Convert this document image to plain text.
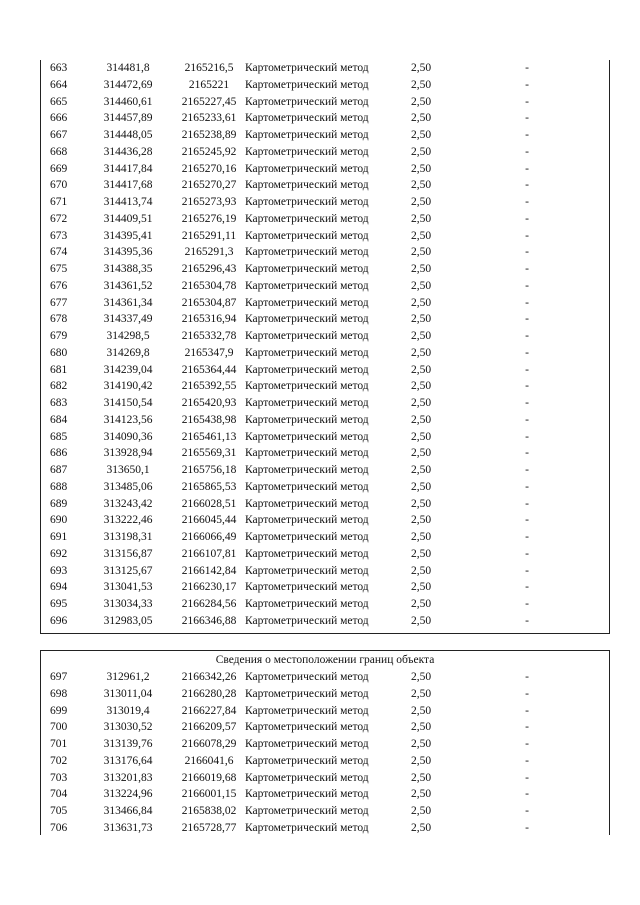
663	314481,8	2165216,5	Картометрический метод	2,50	-
664	314472,69	2165221	Картометрический метод	2,50	-
665	314460,61	2165227,45 Картометрический метод	2,50	-
666	314457,89	2165233,61 Картометрический метод	2,50	-
667	314448,05	2165238,89 Картометрический метод	2,50	-
668	314436,28	2165245,92 Картометрический метод	2,50	-
669	314417,84	2165270,16 Картометрический метод	2,50	-
670	314417,68	2165270,27 Картометрический метод	2,50	-
671	314413,74	2165273,93 Картометрический метод	2,50	-
672	314409,51	2165276,19 Картометрический метод	2,50	-
673	314395,41	2165291,11 Картометрический метод	2,50	-
674	314395,36	2165291,3	Картометрический метод	2,50	-
675	314388,35	2165296,43 Картометрический метод	2,50	-
676	314361,52	2165304,78 Картометрический метод	2,50	-
677	314361,34	2165304,87 Картометрический метод	2,50	-
678	314337,49	2165316,94 Картометрический метод	2,50	-
679	314298,5	2165332,78 Картометрический метод	2,50	-
680	314269,8	2165347,9	Картометрический метод	2,50	-
681	314239,04	2165364,44 Картометрический метод	2,50	-
682	314190,42	2165392,55 Картометрический метод	2,50	-
683	314150,54	2165420,93 Картометрический метод	2,50	-
684	314123,56	2165438,98 Картометрический метод	2,50	-
685	314090,36	2165461,13 Картометрический метод	2,50	-
686	313928,94	2165569,31 Картометрический метод	2,50	-
687	313650,1	2165756,18 Картометрический метод	2,50	-
688	313485,06	2165865,53 Картометрический метод	2,50	-
689	313243,42	2166028,51 Картометрический метод	2,50	-
690	313222,46	2166045,44 Картометрический метод	2,50	-
691	313198,31	2166066,49 Картометрический метод	2,50	-
692	313156,87	2166107,81 Картометрический метод	2,50	-
693	313125,67	2166142,84 Картометрический метод	2,50	-
694	313041,53	2166230,17 Картометрический метод	2,50	-
695	313034,33	2166284,56 Картометрический метод	2,50	-
696	312983,05	2166346,88 Картометрический метод	2,50	-
Сведения о местоположении границ объекта
697	312961,2	2166342,26 Картометрический метод	2,50	-
698	313011,04	2166280,28 Картометрический метод	2,50	-
699	313019,4	2166227,84 Картометрический метод	2,50	-
700	313030,52	2166209,57 Картометрический метод	2,50	-
701	313139,76	2166078,29 Картометрический метод	2,50	-
702	313176,64	2166041,6	Картометрический метод	2,50	-
703	313201,83	2166019,68 Картометрический метод	2,50	-
704	313224,96	2166001,15 Картометрический метод	2,50	-
705	313466,84	2165838,02 Картометрический метод	2,50	-
706	313631,73	2165728,77 Картометрический метод	2,50	-
